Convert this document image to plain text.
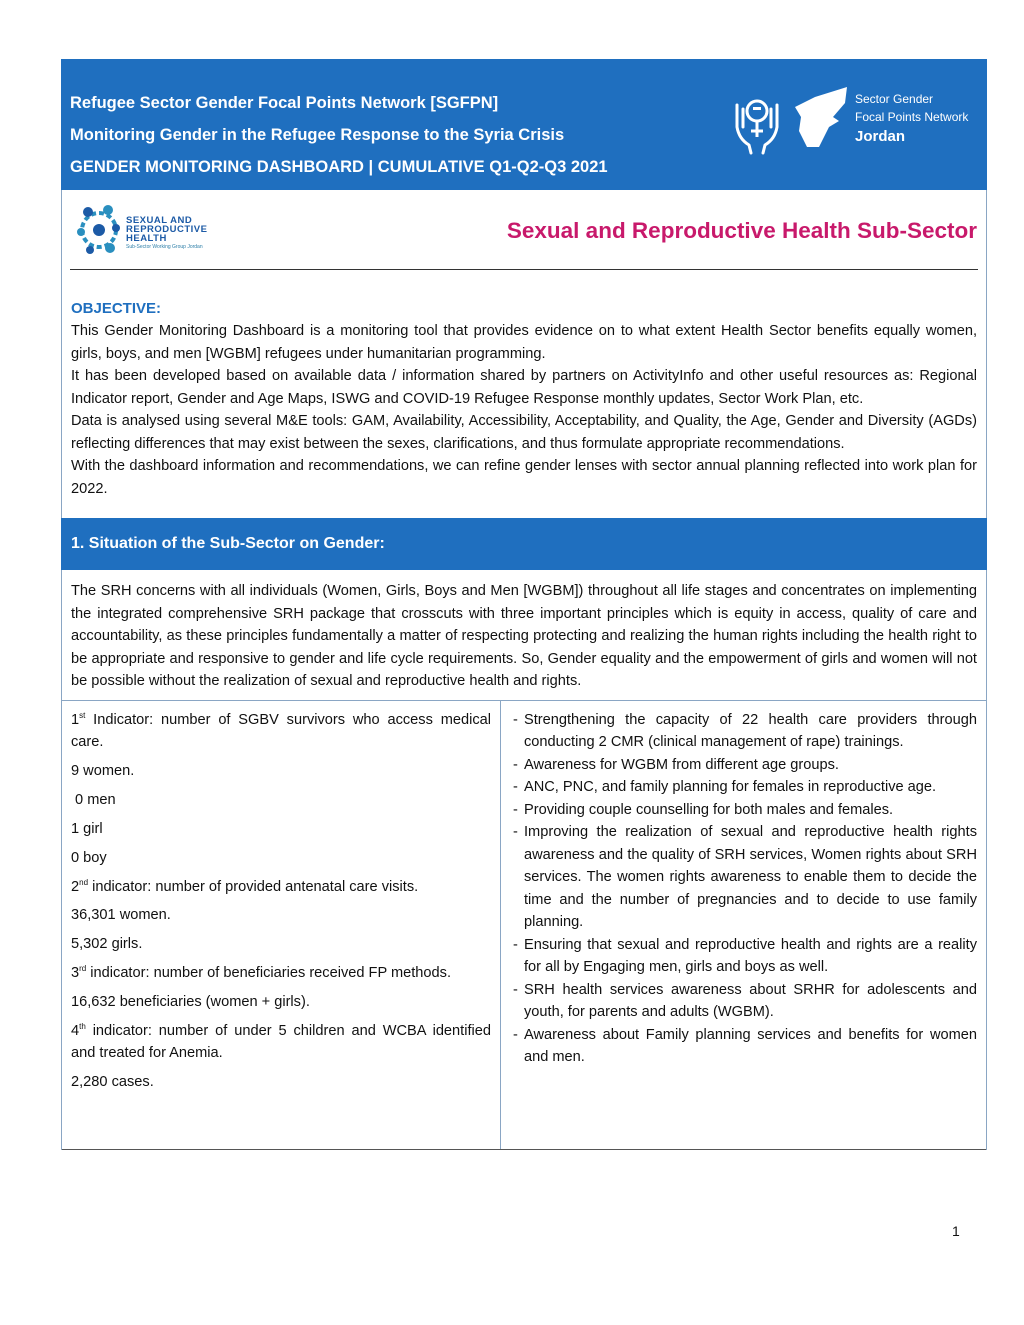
Refugee Sector Gender Focal Points Network [SGFPN]
Monitoring Gender in the Refugee Response to the Syria Crisis
GENDER MONITORING DASHBOARD | CUMULATIVE Q1-Q2-Q3 2021
Sector Gender
Focal Points Network
Jordan
SEXUAL AND
REPRODUCTIVE
HEALTH
Sub-Sector Working Group Jordan
Sexual and Reproductive Health Sub-Sector
OBJECTIVE:

This Gender Monitoring Dashboard is a monitoring tool that provides evidence on to what extent Health Sector benefits equally women, girls, boys, and men [WGBM] refugees under humanitarian programming.

It has been developed based on available data / information shared by partners on ActivityInfo and other useful resources as: Regional Indicator report, Gender and Age Maps, ISWG and COVID-19 Refugee Response monthly updates, Sector Work Plan, etc.

Data is analysed using several M&E tools: GAM, Availability, Accessibility, Acceptability, and Quality, the Age, Gender and Diversity (AGDs) reflecting differences that may exist between the sexes, clarifications, and thus formulate appropriate recommendations.

With the dashboard information and recommendations, we can refine gender lenses with sector annual planning reflected into work plan for 2022.

1. Situation of the Sub-Sector on Gender:
The SRH concerns with all individuals (Women, Girls, Boys and Men [WGBM]) throughout all life stages and concentrates on implementing the integrated comprehensive SRH package that crosscuts with three important principles which is equity in access, quality of care and accountability, as these principles fundamentally a matter of respecting protecting and realizing the human rights including the health right to be appropriate and responsive to gender and life cycle requirements. So, Gender equality and the empowerment of girls and women will not be possible without the realization of sexual and reproductive health and rights.

1st Indicator: number of SGBV survivors who access medical care.

9 women.

0 men

1 girl

0 boy

2nd indicator: number of provided antenatal care visits.

36,301 women.

5,302 girls.

3rd indicator: number of beneficiaries received FP methods.

16,632 beneficiaries (women + girls).

4th indicator: number of under 5 children and WCBA identified and treated for Anemia.

2,280 cases.

- Strengthening the capacity of 22 health care providers through conducting 2 CMR (clinical management of rape) trainings.
- Awareness for WGBM from different age groups.
- ANC, PNC, and family planning for females in reproductive age.
- Providing couple counselling for both males and females.
- Improving the realization of sexual and reproductive health rights awareness and the quality of SRH services, Women rights about SRH services. The women rights awareness to enable them to decide the time and the number of pregnancies and to decide to use family planning.
- Ensuring that sexual and reproductive health and rights are a reality for all by Engaging men, girls and boys as well.
- SRH health services awareness about SRHR for adolescents and youth, for parents and adults (WGBM).
- Awareness about Family planning services and benefits for women and men.
1
